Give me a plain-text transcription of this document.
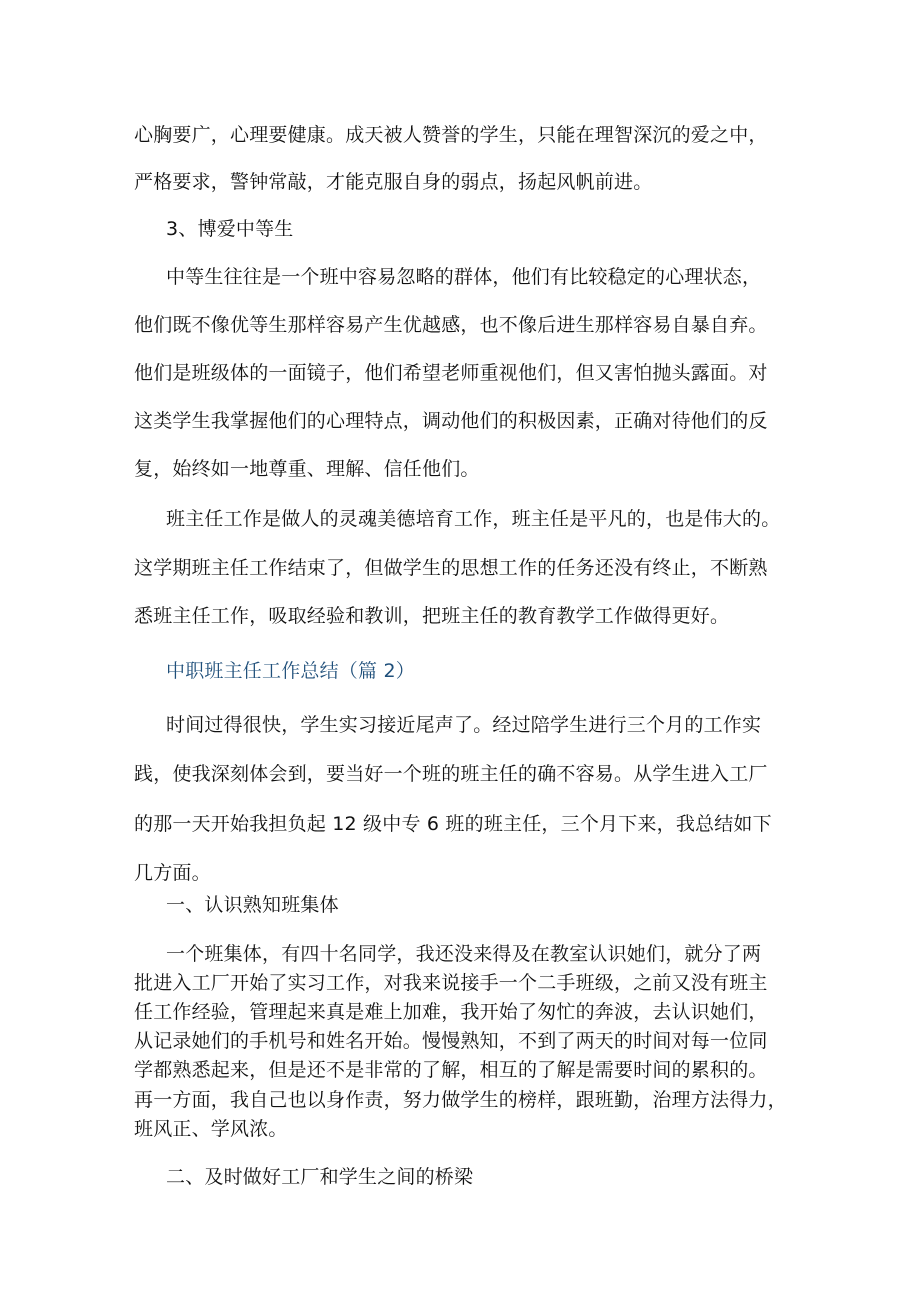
心胸要广，心理要健康。成天被人赞誉的学生，只能在理智深沉的爱之中，
严格要求，警钟常敲，才能克服自身的弱点，扬起风帆前进。
3、博爱中等生
中等生往往是一个班中容易忽略的群体，他们有比较稳定的心理状态，
他们既不像优等生那样容易产生优越感，也不像后进生那样容易自暴自弃。
他们是班级体的一面镜子，他们希望老师重视他们，但又害怕抛头露面。对
这类学生我掌握他们的心理特点，调动他们的积极因素，正确对待他们的反
复，始终如一地尊重、理解、信任他们。
班主任工作是做人的灵魂美德培育工作，班主任是平凡的，也是伟大的。
这学期班主任工作结束了，但做学生的思想工作的任务还没有终止，不断熟
悉班主任工作，吸取经验和教训，把班主任的教育教学工作做得更好。
中职班主任工作总结（篇 2）
时间过得很快，学生实习接近尾声了。经过陪学生进行三个月的工作实
践，使我深刻体会到，要当好一个班的班主任的确不容易。从学生进入工厂
的那一天开始我担负起 12 级中专 6 班的班主任，三个月下来，我总结如下
几方面。
一、认识熟知班集体
一个班集体，有四十名同学，我还没来得及在教室认识她们，就分了两
批进入工厂开始了实习工作，对我来说接手一个二手班级，之前又没有班主
任工作经验，管理起来真是难上加难，我开始了匆忙的奔波，去认识她们，
从记录她们的手机号和姓名开始。慢慢熟知，不到了两天的时间对每一位同
学都熟悉起来，但是还不是非常的了解，相互的了解是需要时间的累积的。
再一方面，我自己也以身作责，努力做学生的榜样，跟班勤，治理方法得力，
班风正、学风浓。
二、及时做好工厂和学生之间的桥梁
